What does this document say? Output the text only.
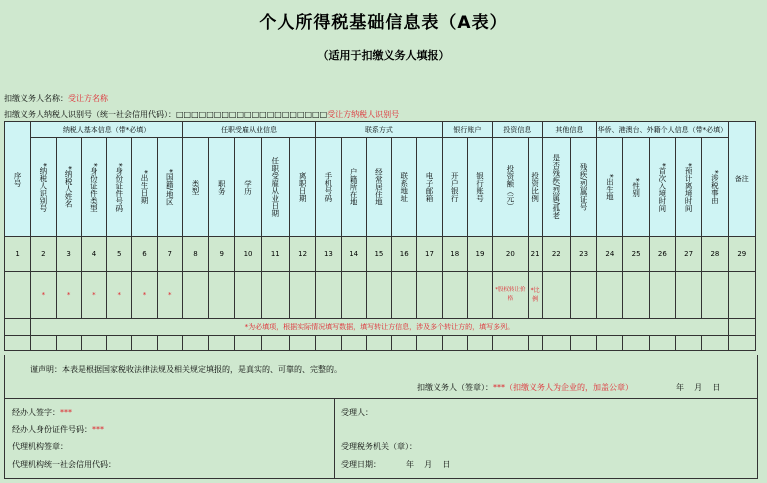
个人所得税基础信息表（A表）
（适用于扣缴义务人填报）
扣缴义务人名称：受让方名称
扣缴义务人纳税人识别号（统一社会信用代码）：□□□□□□□□□□□□□□□□□□□□受让方纳税人识别号
序号	纳税人基本信息（带*必填）						任职受雇从业信息					联系方式					银行账户		投资信息		其他信息		华侨、港澳台、外籍个人信息（带*必填）					备注

	*纳税人识别号	*纳税人姓名	*身份证件类型	*身份证件号码	*出生日期	*国籍/地区	类型	职务	学历	任职受雇从业日期	离职日期	手机号码	户籍所在地	经常居住地	联系地址	电子邮箱	开户银行	银行账号	投资额（元）	投资比例	是否残疾/烈属/孤老	残疾/烈属证号	*出生地	*性别	*首次入境时间	*预计离境时间	*涉税事由	

1	2	3	4	5	6	7	8	9	10	11	12	13	14	15	16	17	18	19	20	21	22	23	24	25	26	27	28	29
	*	*	*	*	*	*													*股权转让价格	*比例								
	*为必填项，根据实际情况填写数据，填写转让方信息，涉及多个转让方的，填写多列。																											

谨声明：本表是根据国家税收法律法规及相关规定填报的，是真实的、可靠的、完整的。
扣缴义务人（签章）：***（扣缴义务人为企业的，加盖公章）	年    月    日
经办人签字：***
经办人身份证件号码：***
代理机构签章：
代理机构统一社会信用代码：
受理人：
受理税务机关（章）：
受理日期：	年    月    日
